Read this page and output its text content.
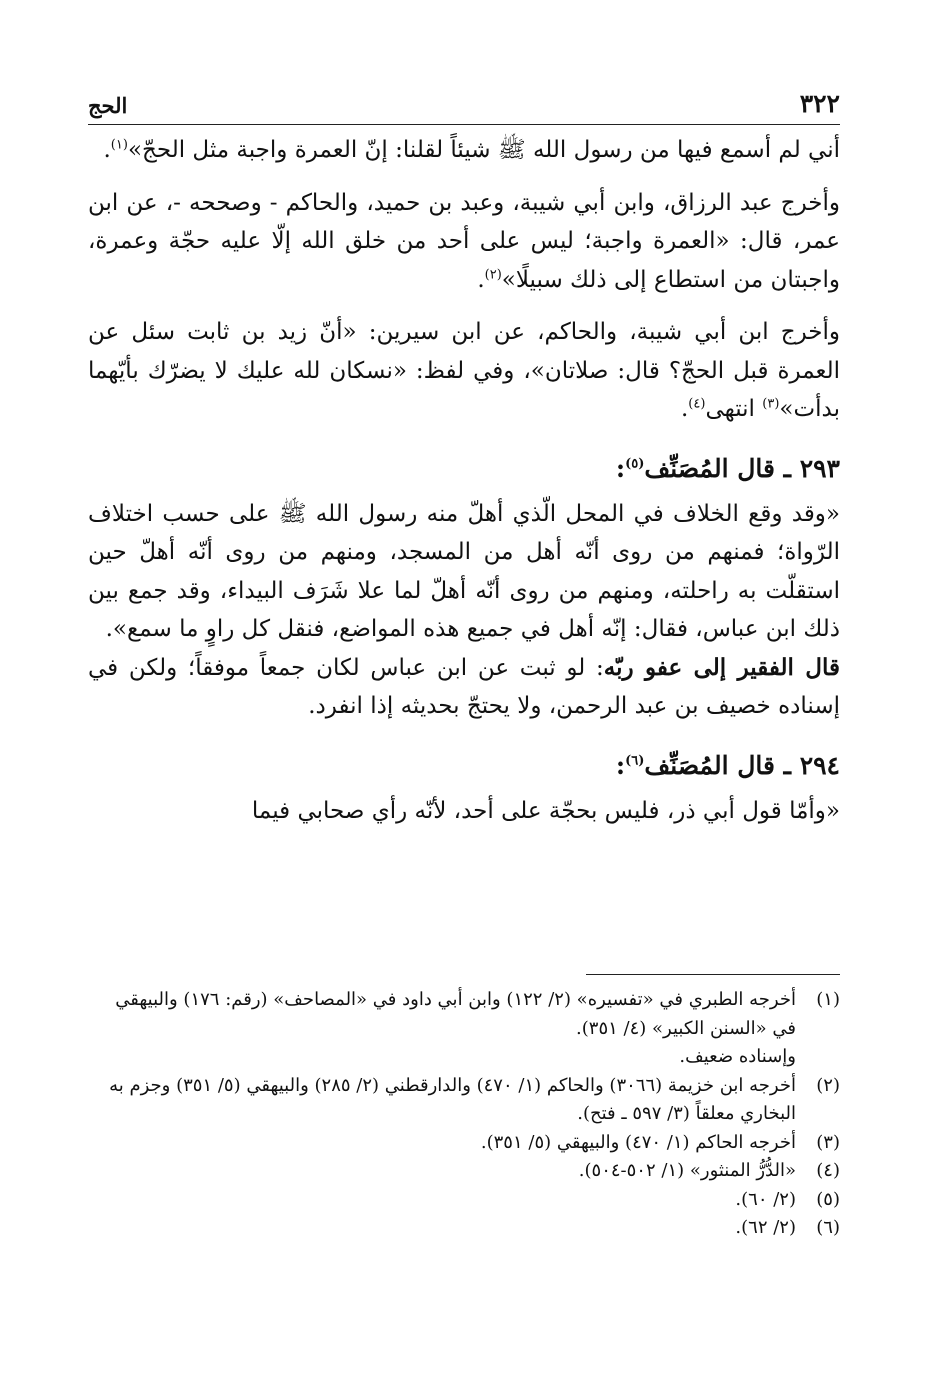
٣٢٢
الحج

أني لم أسمع فيها من رسول الله ﷺ شيئاً لقلنا: إنّ العمرة واجبة مثل الحجّ»$^{(١)}$.

وأخرج عبد الرزاق، وابن أبي شيبة، وعبد بن حميد، والحاكم - وصححه -، عن ابن عمر، قال: «العمرة واجبة؛ ليس على أحد من خلق الله إلّا عليه حجّة وعمرة، واجبتان من استطاع إلى ذلك سبيلًا»$^{(٢)}$.

وأخرج ابن أبي شيبة، والحاكم، عن ابن سيرين: «أنّ زيد بن ثابت سئل عن العمرة قبل الحجّ؟ قال: صلاتان»، وفي لفظ: «نسكان لله عليك لا يضرّك بأيّهما بدأت»$^{(٣)}$ انتهى$^{(٤)}$.

٢٩٣ ـ قال المُصَنِّف$^{(٥)}$:

«وقد وقع الخلاف في المحل الّذي أهلّ منه رسول الله ﷺ على حسب اختلاف الرّواة؛ فمنهم من روى أنّه أهل من المسجد، ومنهم من روى أنّه أهلّ حين استقلّت به راحلته، ومنهم من روى أنّه أهلّ لما علا شَرَف البيداء، وقد جمع بين ذلك ابن عباس، فقال: إنّه أهل في جميع هذه المواضع، فنقل كل راوٍ ما سمع».

قال الفقير إلى عفو ربّه: لو ثبت عن ابن عباس لكان جمعاً موفقاً؛ ولكن في إسناده خصيف بن عبد الرحمن، ولا يحتجّ بحديثه إذا انفرد.

٢٩٤ ـ قال المُصَنِّف$^{(٦)}$:

«وأمّا قول أبي ذر، فليس بحجّة على أحد، لأنّه رأي صحابي فيما

(١)
أخرجه الطبري في «تفسيره» (٢/ ١٢٢) وابن أبي داود في «المصاحف» (رقم: ١٧٦) والبيهقي في «السنن الكبير» (٤/ ٣٥١).
وإسناده ضعيف.
(٢)
أخرجه ابن خزيمة (٣٠٦٦) والحاكم (١/ ٤٧٠) والدارقطني (٢/ ٢٨٥) والبيهقي (٥/ ٣٥١) وجزم به البخاري معلقاً (٣/ ٥٩٧ ـ فتح).
(٣)
أخرجه الحاكم (١/ ٤٧٠) والبيهقي (٥/ ٣٥١).
(٤)
«الدُّرُّ المنثور» (١/ ٥٠٢-٥٠٤).
(٥)
(٢/ ٦٠).
(٦)
(٢/ ٦٢).
